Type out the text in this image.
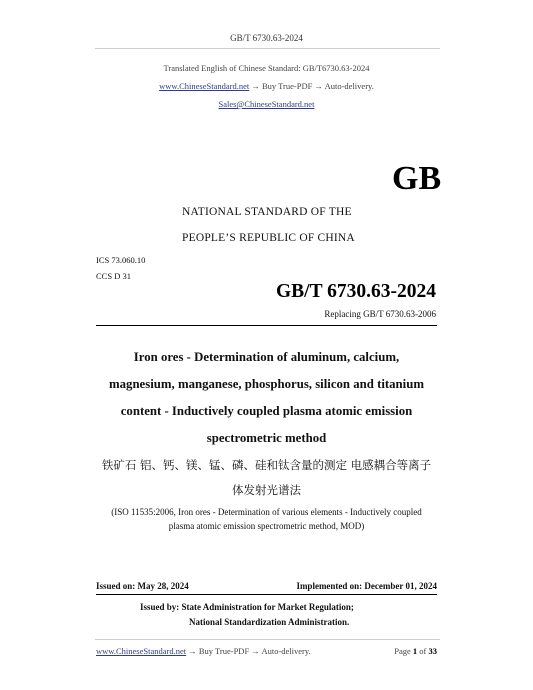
GB/T 6730.63-2024
Translated English of Chinese Standard: GB/T6730.63-2024
www.ChineseStandard.net → Buy True-PDF → Auto-delivery.
Sales@ChineseStandard.net
GB
NATIONAL STANDARD OF THE
PEOPLE’S REPUBLIC OF CHINA
ICS 73.060.10
CCS D 31
GB/T 6730.63-2024
Replacing GB/T 6730.63-2006
Iron ores - Determination of aluminum, calcium,
magnesium, manganese, phosphorus, silicon and titanium
content - Inductively coupled plasma atomic emission
spectrometric method
铁矿石 铝、钙、镁、锰、磷、硅和钛含量的测定 电感耦合等离子
体发射光谱法
(ISO 11535:2006, Iron ores - Determination of various elements - Inductively coupled
plasma atomic emission spectrometric method, MOD)
Issued on: May 28, 2024	Implemented on: December 01, 2024
Issued by: State Administration for Market Regulation;
National Standardization Administration.
www.ChineseStandard.net → Buy True-PDF → Auto-delivery.	Page 1 of 33
